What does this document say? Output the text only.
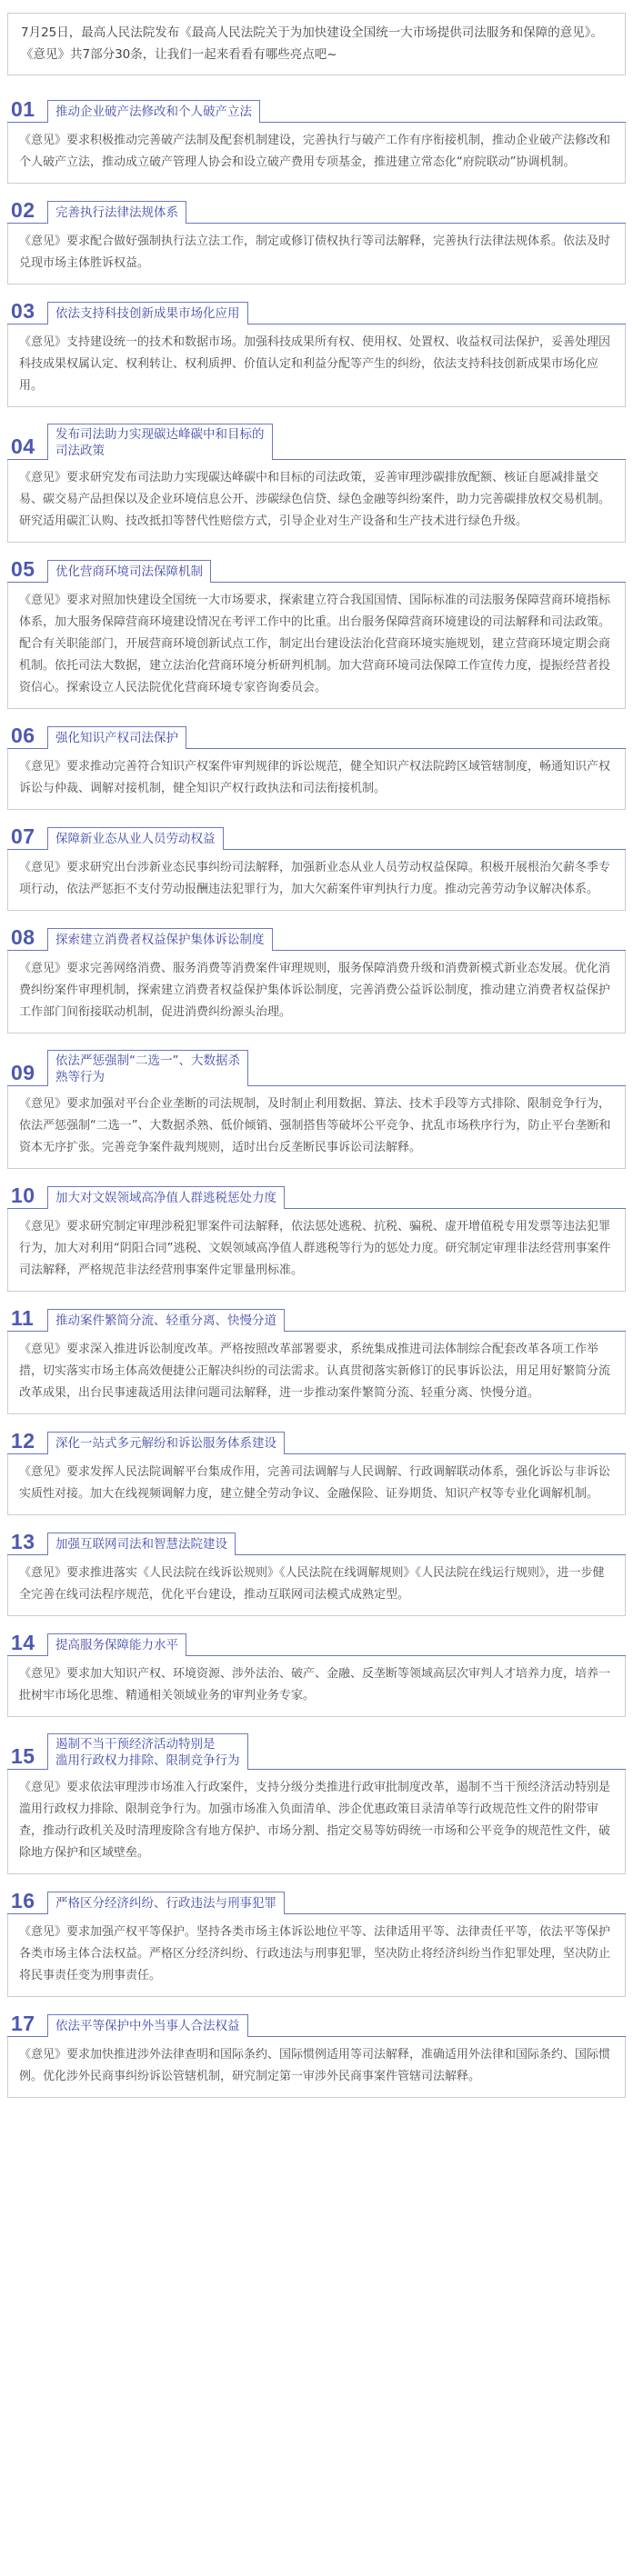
7月25日，最高人民法院发布《最高人民法院关于为加快建设全国统一大市场提供司法服务和保障的意见》。《意见》共7部分30条，让我们一起来看看有哪些亮点吧~
01	推动企业破产法修改和个人破产立法
《意见》要求积极推动完善破产法制及配套机制建设，完善执行与破产工作有序衔接机制，推动企业破产法修改和个人破产立法，推动成立破产管理人协会和设立破产费用专项基金，推进建立常态化“府院联动”协调机制。
02	完善执行法律法规体系
《意见》要求配合做好强制执行法立法工作，制定或修订债权执行等司法解释，完善执行法律法规体系。依法及时兑现市场主体胜诉权益。
03	依法支持科技创新成果市场化应用
《意见》支持建设统一的技术和数据市场。加强科技成果所有权、使用权、处置权、收益权司法保护，妥善处理因科技成果权属认定、权利转让、权利质押、价值认定和利益分配等产生的纠纷，依法支持科技创新成果市场化应用。
04	发布司法助力实现碳达峰碳中和目标的
司法政策
《意见》要求研究发布司法助力实现碳达峰碳中和目标的司法政策，妥善审理涉碳排放配额、核证自愿减排量交易、碳交易产品担保以及企业环境信息公开、涉碳绿色信贷、绿色金融等纠纷案件，助力完善碳排放权交易机制。研究适用碳汇认购、技改抵扣等替代性赔偿方式，引导企业对生产设备和生产技术进行绿色升级。
05	优化营商环境司法保障机制
《意见》要求对照加快建设全国统一大市场要求，探索建立符合我国国情、国际标准的司法服务保障营商环境指标体系，加大服务保障营商环境建设情况在考评工作中的比重。出台服务保障营商环境建设的司法解释和司法政策。配合有关职能部门，开展营商环境创新试点工作，制定出台建设法治化营商环境实施规划，建立营商环境定期会商机制。依托司法大数据，建立法治化营商环境分析研判机制。加大营商环境司法保障工作宣传力度，提振经营者投资信心。探索设立人民法院优化营商环境专家咨询委员会。
06	强化知识产权司法保护
《意见》要求推动完善符合知识产权案件审判规律的诉讼规范，健全知识产权法院跨区域管辖制度，畅通知识产权诉讼与仲裁、调解对接机制，健全知识产权行政执法和司法衔接机制。
07	保障新业态从业人员劳动权益
《意见》要求研究出台涉新业态民事纠纷司法解释，加强新业态从业人员劳动权益保障。积极开展根治欠薪冬季专项行动，依法严惩拒不支付劳动报酬违法犯罪行为，加大欠薪案件审判执行力度。推动完善劳动争议解决体系。
08	探索建立消费者权益保护集体诉讼制度
《意见》要求完善网络消费、服务消费等消费案件审理规则，服务保障消费升级和消费新模式新业态发展。优化消费纠纷案件审理机制，探索建立消费者权益保护集体诉讼制度，完善消费公益诉讼制度，推动建立消费者权益保护工作部门间衔接联动机制，促进消费纠纷源头治理。
09	依法严惩强制“二选一”、大数据杀
熟等行为
《意见》要求加强对平台企业垄断的司法规制，及时制止利用数据、算法、技术手段等方式排除、限制竞争行为，依法严惩强制“二选一”、大数据杀熟、低价倾销、强制搭售等破坏公平竞争、扰乱市场秩序行为，防止平台垄断和资本无序扩张。完善竞争案件裁判规则，适时出台反垄断民事诉讼司法解释。
10	加大对文娱领域高净值人群逃税惩处力度
《意见》要求研究制定审理涉税犯罪案件司法解释，依法惩处逃税、抗税、骗税、虚开增值税专用发票等违法犯罪行为，加大对利用“阴阳合同”逃税、文娱领域高净值人群逃税等行为的惩处力度。研究制定审理非法经营刑事案件司法解释，严格规范非法经营刑事案件定罪量刑标准。
11	推动案件繁简分流、轻重分离、快慢分道
《意见》要求深入推进诉讼制度改革。严格按照改革部署要求，系统集成推进司法体制综合配套改革各项工作举措，切实落实市场主体高效便捷公正解决纠纷的司法需求。认真贯彻落实新修订的民事诉讼法，用足用好繁简分流改革成果，出台民事速裁适用法律问题司法解释，进一步推动案件繁简分流、轻重分离、快慢分道。
12	深化一站式多元解纷和诉讼服务体系建设
《意见》要求发挥人民法院调解平台集成作用，完善司法调解与人民调解、行政调解联动体系，强化诉讼与非诉讼实质性对接。加大在线视频调解力度，建立健全劳动争议、金融保险、证券期货、知识产权等专业化调解机制。
13	加强互联网司法和智慧法院建设
《意见》要求推进落实《人民法院在线诉讼规则》《人民法院在线调解规则》《人民法院在线运行规则》，进一步健全完善在线司法程序规范，优化平台建设，推动互联网司法模式成熟定型。
14	提高服务保障能力水平
《意见》要求加大知识产权、环境资源、涉外法治、破产、金融、反垄断等领域高层次审判人才培养力度，培养一批树牢市场化思维、精通相关领域业务的审判业务专家。
15	遏制不当干预经济活动特别是
滥用行政权力排除、限制竞争行为
《意见》要求依法审理涉市场准入行政案件，支持分级分类推进行政审批制度改革，遏制不当干预经济活动特别是滥用行政权力排除、限制竞争行为。加强市场准入负面清单、涉企优惠政策目录清单等行政规范性文件的附带审查，推动行政机关及时清理废除含有地方保护、市场分割、指定交易等妨碍统一市场和公平竞争的规范性文件，破除地方保护和区域壁垒。
16	严格区分经济纠纷、行政违法与刑事犯罪
《意见》要求加强产权平等保护。坚持各类市场主体诉讼地位平等、法律适用平等、法律责任平等，依法平等保护各类市场主体合法权益。严格区分经济纠纷、行政违法与刑事犯罪，坚决防止将经济纠纷当作犯罪处理，坚决防止将民事责任变为刑事责任。
17	依法平等保护中外当事人合法权益
《意见》要求加快推进涉外法律查明和国际条约、国际惯例适用等司法解释，准确适用外法律和国际条约、国际惯例。优化涉外民商事纠纷诉讼管辖机制，研究制定第一审涉外民商事案件管辖司法解释。
